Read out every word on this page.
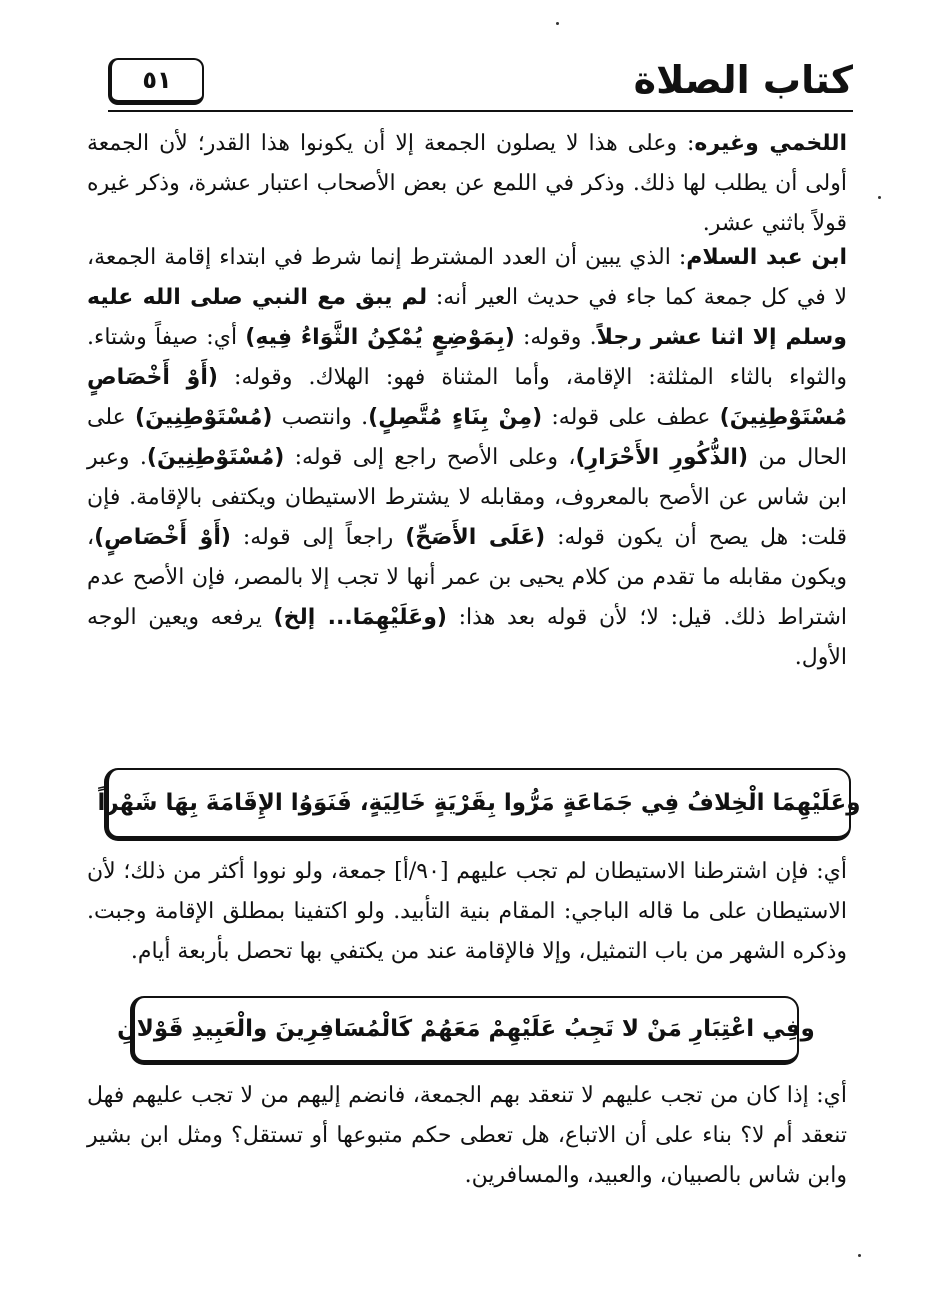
كتاب الصلاة
٥١

اللخمي وغيره: وعلى هذا لا يصلون الجمعة إلا أن يكونوا هذا القدر؛ لأن الجمعة أولى أن يطلب لها ذلك. وذكر في اللمع عن بعض الأصحاب اعتبار عشرة، وذكر غيره قولاً باثني عشر.

ابن عبد السلام: الذي يبين أن العدد المشترط إنما شرط في ابتداء إقامة الجمعة، لا في كل جمعة كما جاء في حديث العير أنه: لم يبق مع النبي صلى الله عليه وسلم إلا اثنا عشر رجلاً. وقوله: (بِمَوْضِعٍ يُمْكِنُ الثَّوَاءُ فِيهِ) أي: صيفاً وشتاء. والثواء بالثاء المثلثة: الإقامة، وأما المثناة فهو: الهلاك. وقوله: (أَوْ أَخْصَاصٍ مُسْتَوْطِنِينَ) عطف على قوله: (مِنْ بِنَاءٍ مُتَّصِلٍ). وانتصب (مُسْتَوْطِنِينَ) على الحال من (الذُّكُورِ الأَحْرَارِ)، وعلى الأصح راجع إلى قوله: (مُسْتَوْطِنِينَ). وعبر ابن شاس عن الأصح بالمعروف، ومقابله لا يشترط الاستيطان ويكتفى بالإقامة. فإن قلت: هل يصح أن يكون قوله: (عَلَى الأَصَحِّ) راجعاً إلى قوله: (أَوْ أَخْصَاصٍ)، ويكون مقابله ما تقدم من كلام يحيى بن عمر أنها لا تجب إلا بالمصر، فإن الأصح عدم اشتراط ذلك. قيل: لا؛ لأن قوله بعد هذا: (وعَلَيْهِمَا... إلخ) يرفعه ويعين الوجه الأول.

وعَلَيْهِمَا الْخِلافُ فِي جَمَاعَةٍ مَرُّوا بِقَرْيَةٍ خَالِيَةٍ، فَنَوَوُا الإِقَامَةَ بِهَا شَهْراً

أي: فإن اشترطنا الاستيطان لم تجب عليهم [٩٠/أ] جمعة، ولو نووا أكثر من ذلك؛ لأن الاستيطان على ما قاله الباجي: المقام بنية التأبيد. ولو اكتفينا بمطلق الإقامة وجبت. وذكره الشهر من باب التمثيل، وإلا فالإقامة عند من يكتفي بها تحصل بأربعة أيام.

وفِي اعْتِبَارِ مَنْ لا تَجِبُ عَلَيْهِمْ مَعَهُمْ كَالْمُسَافِرِينَ والْعَبِيدِ قَوْلانِ

أي: إذا كان من تجب عليهم لا تنعقد بهم الجمعة، فانضم إليهم من لا تجب عليهم فهل تنعقد أم لا؟ بناء على أن الاتباع، هل تعطى حكم متبوعها أو تستقل؟ ومثل ابن بشير وابن شاس بالصبيان، والعبيد، والمسافرين.
